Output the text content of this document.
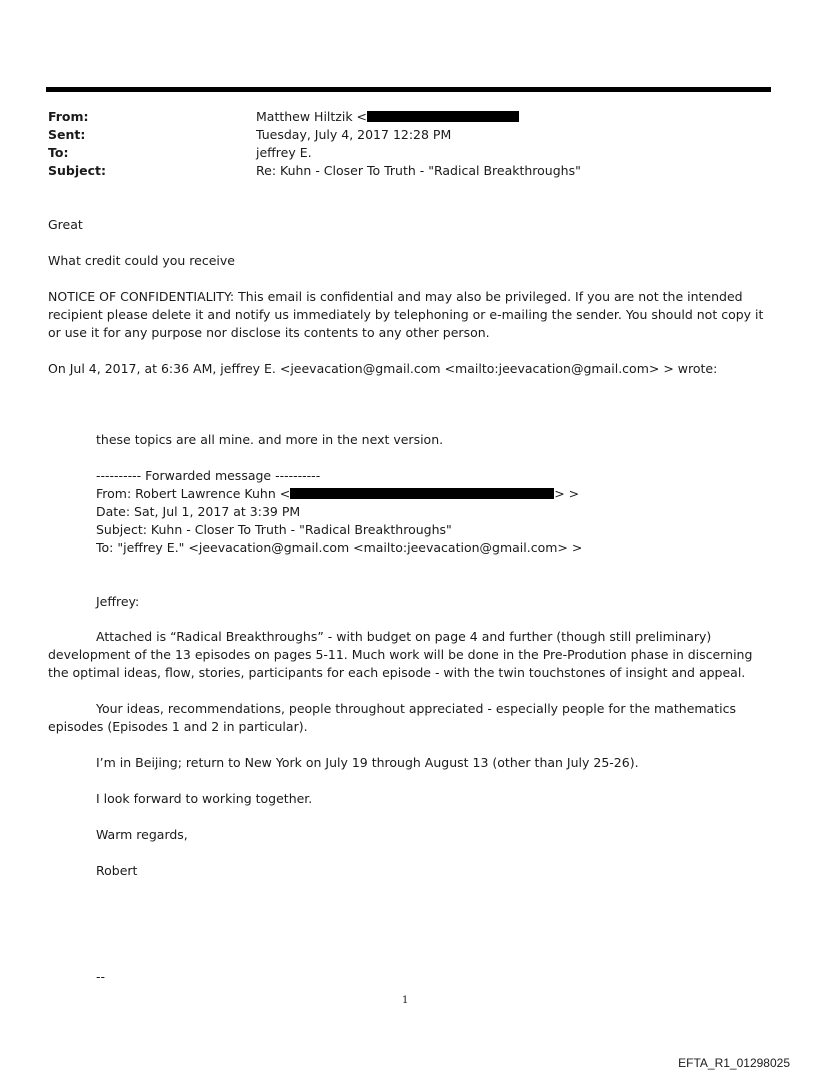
From:	Matthew Hiltzik <
Sent:	Tuesday, July 4, 2017 12:28 PM
To:	jeffrey E.
Subject:	Re: Kuhn - Closer To Truth - "Radical Breakthroughs"
Great
What credit could you receive
NOTICE OF CONFIDENTIALITY: This email is confidential and may also be privileged. If you are not the intended recipient please delete it and notify us immediately by telephoning or e-mailing the sender. You should not copy it or use it for any purpose nor disclose its contents to any other person.
On Jul 4, 2017, at 6:36 AM, jeffrey E. <jeevacation@gmail.com <mailto:jeevacation@gmail.com> > wrote:
these topics are all mine. and more in the next version.
---------- Forwarded message ----------
From: Robert Lawrence Kuhn <	> >
Date: Sat, Jul 1, 2017 at 3:39 PM
Subject: Kuhn - Closer To Truth - "Radical Breakthroughs"
To: "jeffrey E." <jeevacation@gmail.com <mailto:jeevacation@gmail.com> >
Jeffrey:
Attached is “Radical Breakthroughs” - with budget on page 4 and further (though still preliminary) development of the 13 episodes on pages 5-11. Much work will be done in the Pre-Prodution phase in discerning the optimal ideas, flow, stories, participants for each episode - with the twin touchstones of insight and appeal.
Your ideas, recommendations, people throughout appreciated - especially people for the mathematics episodes (Episodes 1 and 2 in particular).
I’m in Beijing; return to New York on July 19 through August 13 (other than July 25-26).
I look forward to working together.
Warm regards,
Robert
--
1
EFTA_R1_01298025
